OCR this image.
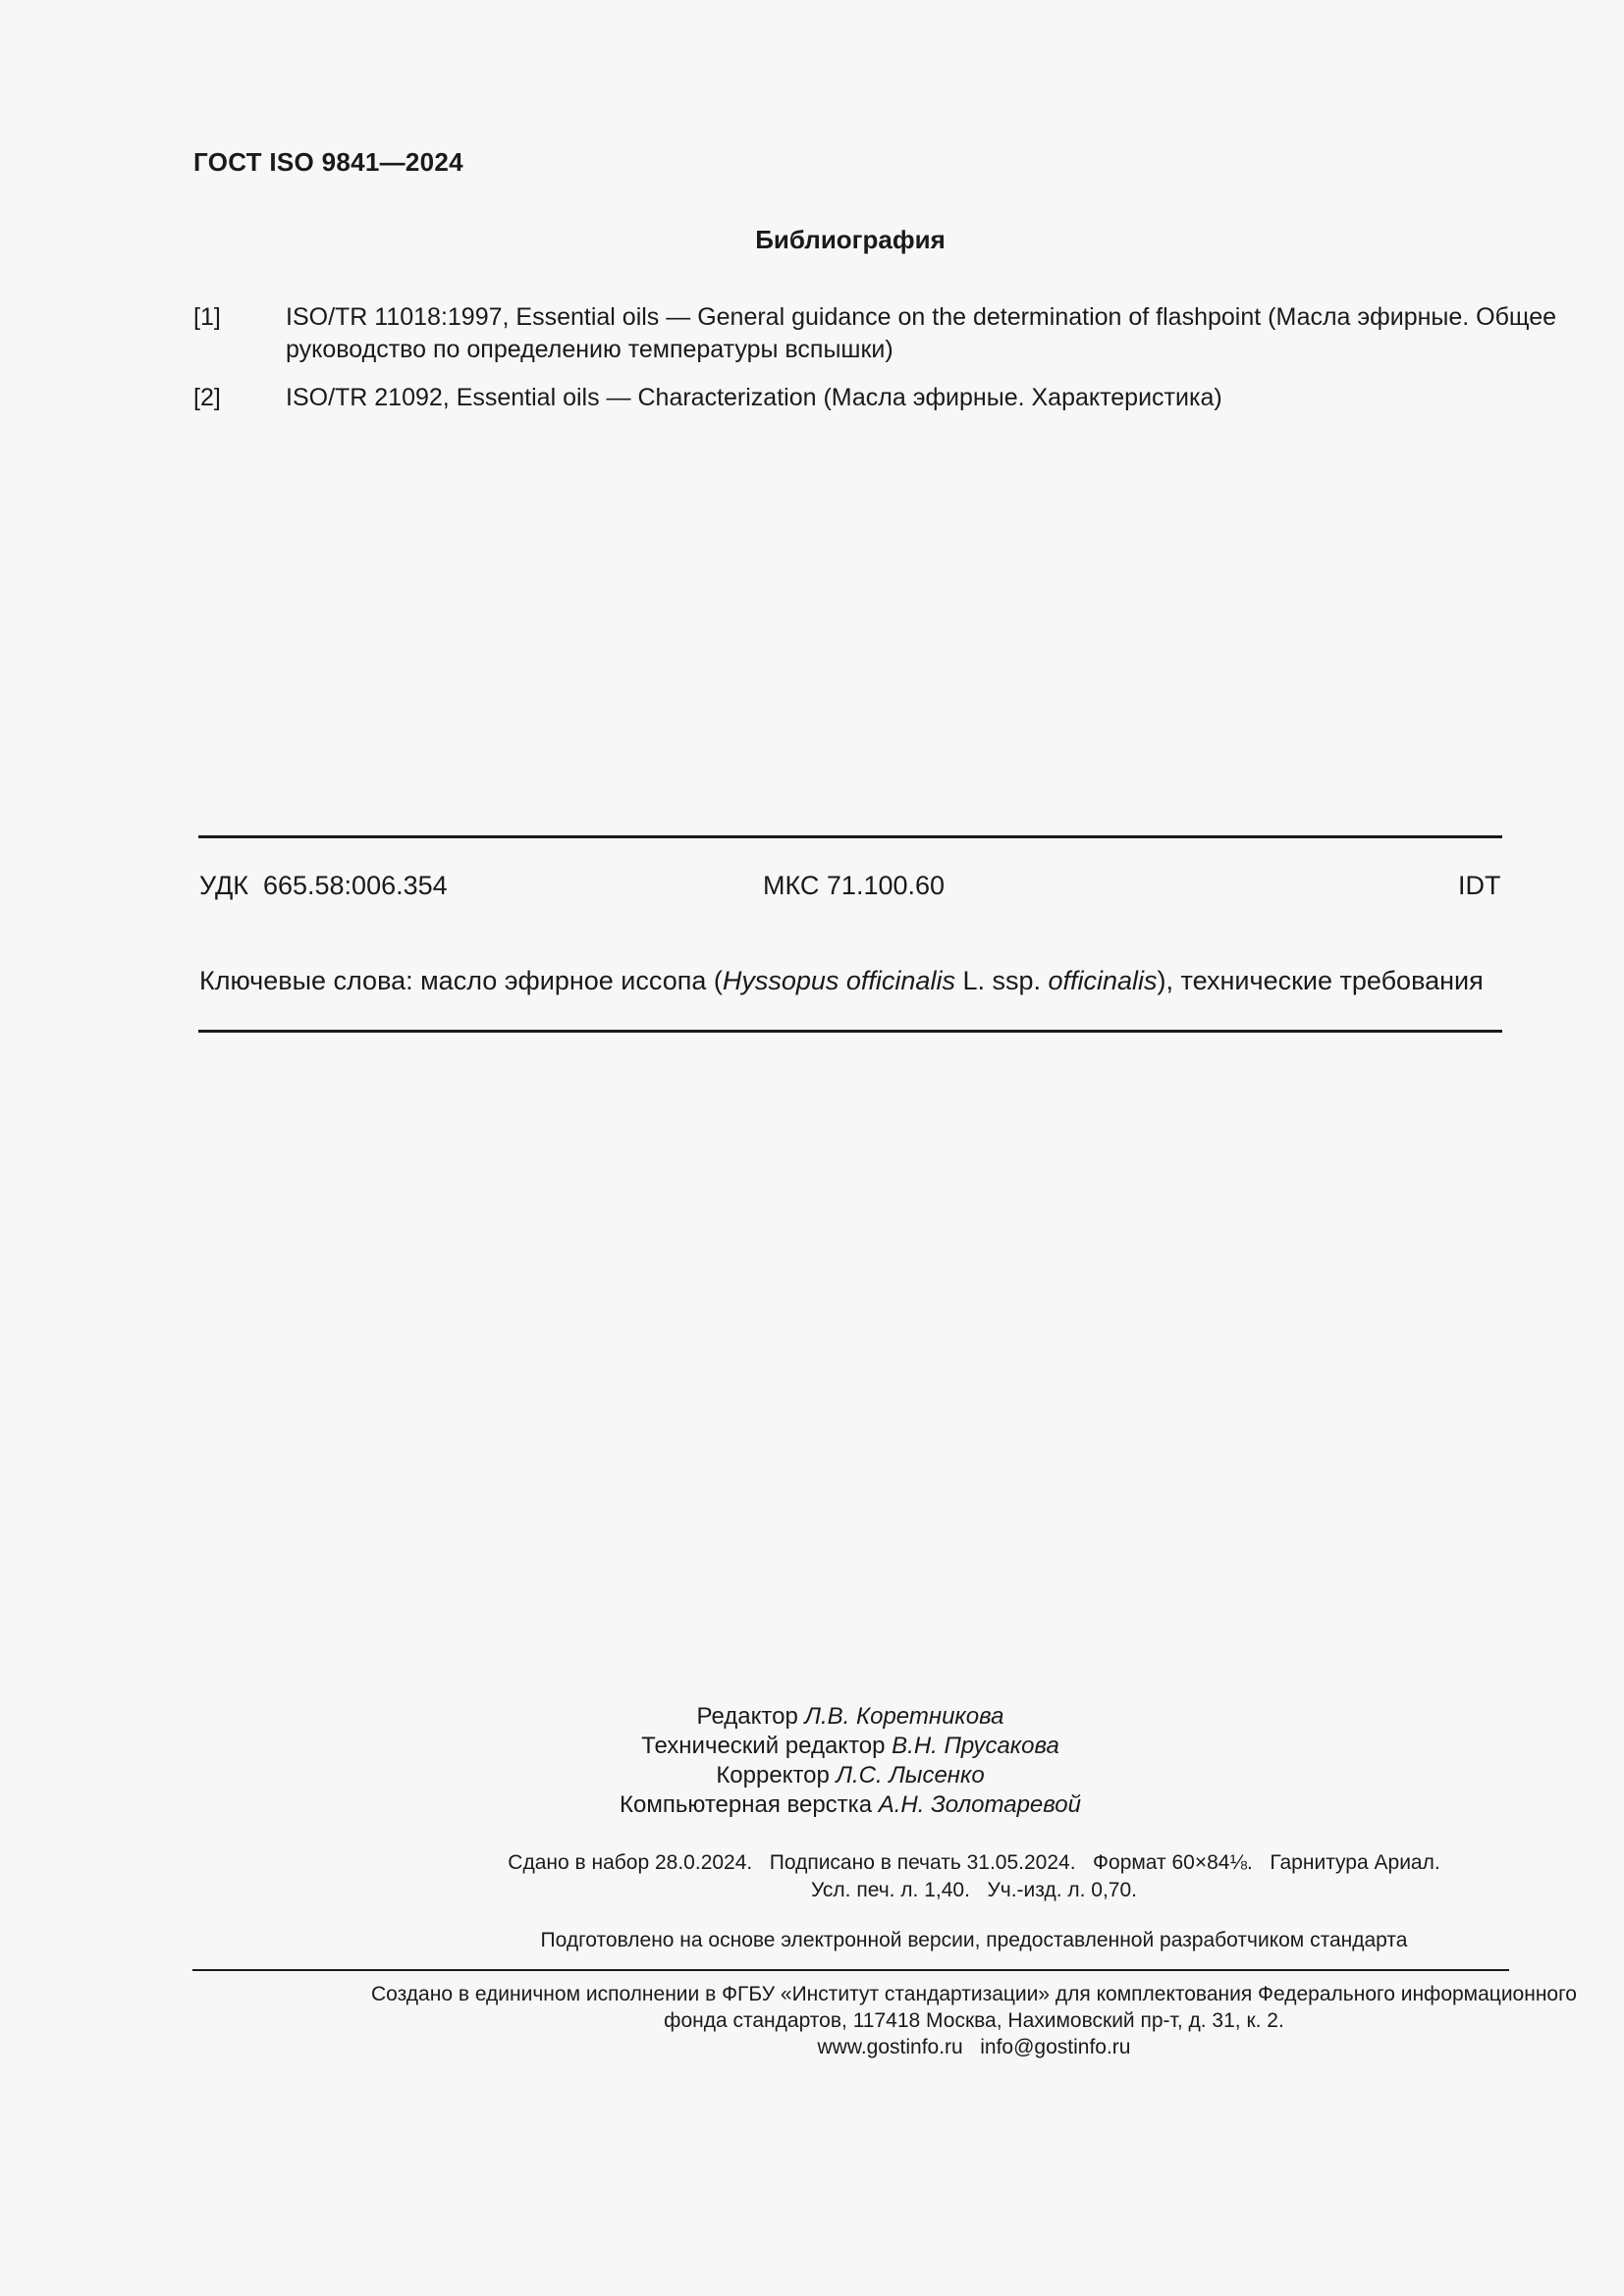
ГОСТ ISO 9841—2024
Библиография
[1]	ISO/TR 11018:1997, Essential oils — General guidance on the determination of flashpoint (Масла эфирные. Общее руководство по определению температуры вспышки)
[2]	ISO/TR 21092, Essential oils — Characterization (Масла эфирные. Характеристика)
УДК 665.58:006.354	МКС 71.100.60	IDT
Ключевые слова: масло эфирное иссопа (Hyssopus officinalis L. ssp. officinalis), технические требования
Редактор Л.В. Коретникова
Технический редактор В.Н. Прусакова
Корректор Л.С. Лысенко
Компьютерная верстка А.Н. Золотаревой
Сдано в набор 28.0.2024.   Подписано в печать 31.05.2024.   Формат 60×84⅛.   Гарнитура Ариал.
Усл. печ. л. 1,40.   Уч.-изд. л. 0,70.
Подготовлено на основе электронной версии, предоставленной разработчиком стандарта
Создано в единичном исполнении в ФГБУ «Институт стандартизации» для комплектования Федерального информационного
фонда стандартов, 117418 Москва, Нахимовский пр-т, д. 31, к. 2.
www.gostinfo.ru info@gostinfo.ru
